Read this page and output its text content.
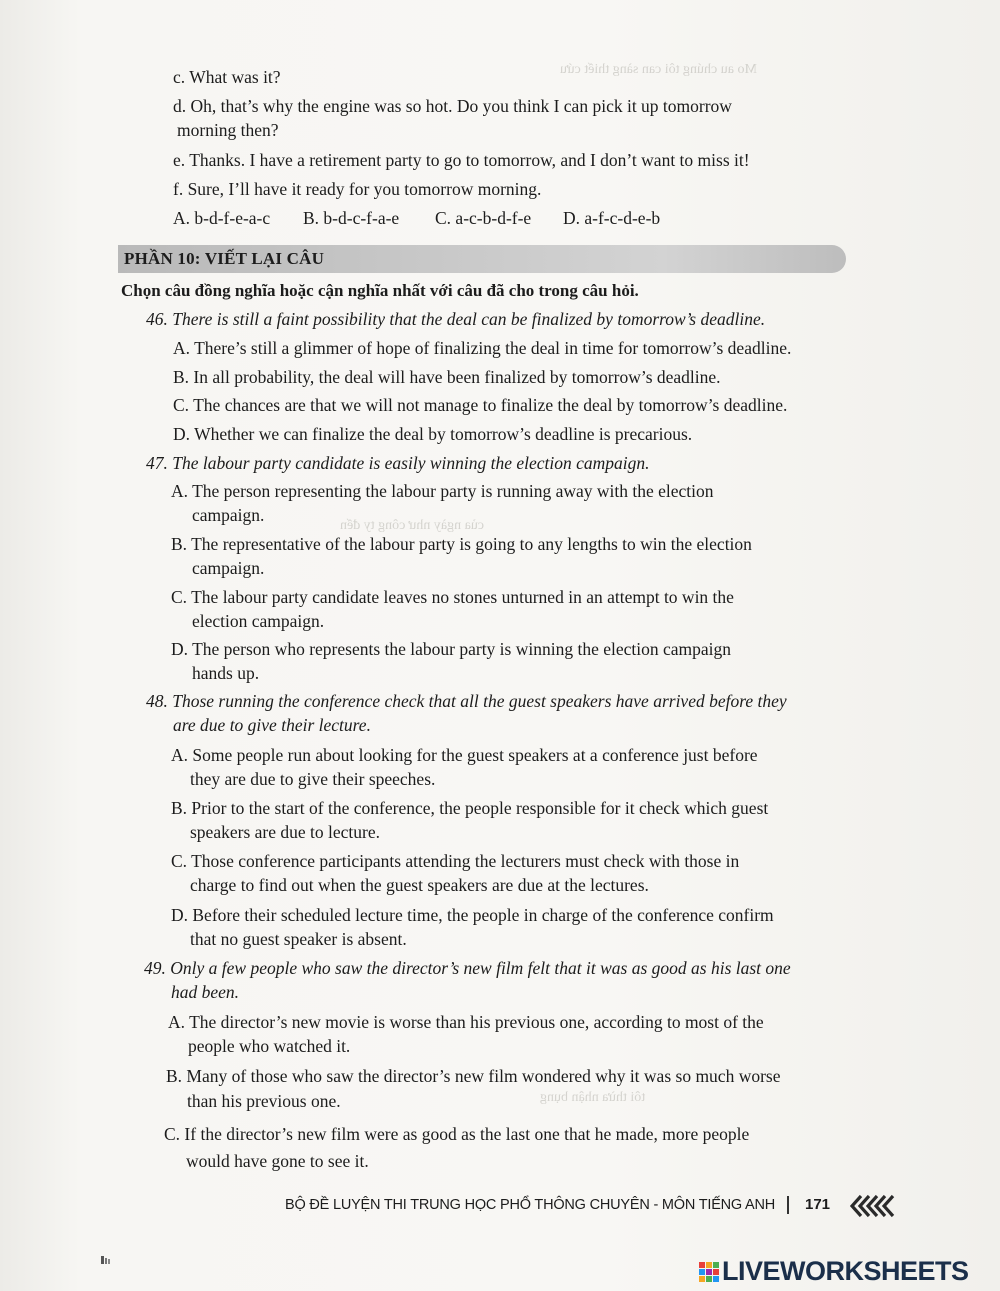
Mo au chúng tôi can sàng thiết cứu
của ngày như công ty đến
tôi thừa nhận bụng
c. What was it?
d. Oh, that’s why the engine was so hot. Do you think I can pick it up tomorrow
morning then?
e. Thanks. I have a retirement party to go to tomorrow, and I don’t want to miss it!
f. Sure, I’ll have it ready for you tomorrow morning.
A. b-d-f-e-a-c B. b-d-c-f-a-e C. a-c-b-d-f-e D. a-f-c-d-e-b
PHẦN 10: VIẾT LẠI CÂU
Chọn câu đồng nghĩa hoặc cận nghĩa nhất với câu đã cho trong câu hỏi.
46. There is still a faint possibility that the deal can be finalized by tomorrow’s deadline.
A. There’s still a glimmer of hope of finalizing the deal in time for tomorrow’s deadline.
B. In all probability, the deal will have been finalized by tomorrow’s deadline.
C. The chances are that we will not manage to finalize the deal by tomorrow’s deadline.
D. Whether we can finalize the deal by tomorrow’s deadline is precarious.
47. The labour party candidate is easily winning the election campaign.
A. The person representing the labour party is running away with the election
campaign.
B. The representative of the labour party is going to any lengths to win the election
campaign.
C. The labour party candidate leaves no stones unturned in an attempt to win the
election campaign.
D. The person who represents the labour party is winning the election campaign
hands up.
48. Those running the conference check that all the guest speakers have arrived before they
are due to give their lecture.
A. Some people run about looking for the guest speakers at a conference just before
they are due to give their speeches.
B. Prior to the start of the conference, the people responsible for it check which guest
speakers are due to lecture.
C. Those conference participants attending the lecturers must check with those in
charge to find out when the guest speakers are due at the lectures.
D. Before their scheduled lecture time, the people in charge of the conference confirm
that no guest speaker is absent.
49. Only a few people who saw the director’s new film felt that it was as good as his last one
had been.
A. The director’s new movie is worse than his previous one, according to most of the
people who watched it.
B. Many of those who saw the director’s new film wondered why it was so much worse
than his previous one.
C. If the director’s new film were as good as the last one that he made, more people
would have gone to see it.
BỘ ĐỀ LUYỆN THI TRUNG HỌC PHỔ THÔNG CHUYÊN - MÔN TIẾNG ANH 171
LIVEWORKSHEETS
